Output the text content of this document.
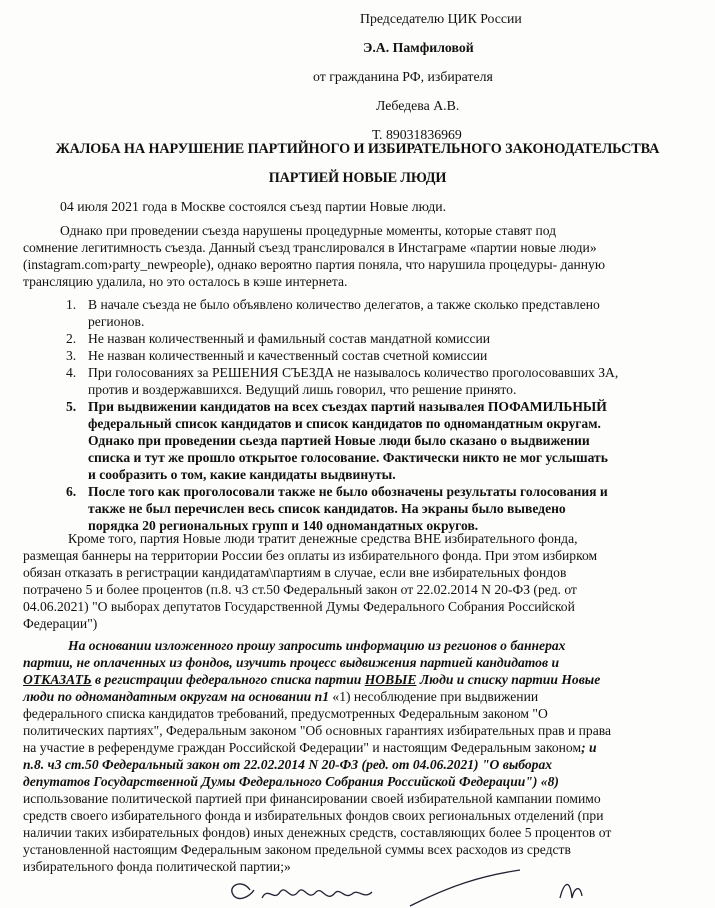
Председателю ЦИК России
Э.А. Памфиловой
от гражданина РФ, избирателя
Лебедева А.В.
Т. 89031836969
ЖАЛОБА НА НАРУШЕНИЕ ПАРТИЙНОГО И ИЗБИРАТЕЛЬНОГО ЗАКОНОДАТЕЛЬСТВА
ПАРТИЕЙ НОВЫЕ ЛЮДИ
04 июля 2021 года в Москве состоялся съезд партии Новые люди.
Однако при проведении съезда нарушены процедурные моменты, которые ставят под
сомнение легитимность съезда. Данный съезд транслировался в Инстаграме «партии новые люди»
(instagram.com›party_newpeople), однако вероятно партия поняла, что нарушила процедуры- данную
трансляцию удалила, но это осталось в кэше интернета.
1. В начале съезда не было объявлено количество делегатов, а также сколько представлено
регионов.
2. Не назван количественный и фамильный состав мандатной комиссии
3. Не назван количественный и качественный состав счетной комиссии
4. При голосованиях за РЕШЕНИЯ СЪЕЗДА не называлось количество проголосовавших ЗА,
против и воздержавшихся. Ведущий лишь говорил, что решение принято.
5. При выдвижении кандидатов на всех съездах партий называлея ПОФАМИЛЬНЫЙ
федеральный список кандидатов и список кандидатов по одномандатным округам.
Однако при проведении сьезда партией Новые люди было сказано о выдвижении
списка и тут же прошло открытое голосование. Фактически никто не мог услышать
и сообразить о том, какие кандидаты выдвинуты.
6. После того как проголосовали также не было обозначены результаты голосования и
также не был перечислен весь список кандидатов. На экраны было выведено
порядка 20 региональных групп и 140 одномандатных округов.
Кроме того, партия Новые люди тратит денежные средства ВНЕ избирательного фонда,
размещая баннеры на территории России без оплаты из избирательного фонда. При этом избирком
обязан отказать в регистрации кандидатам\партиям в случае, если вне избирательных фондов
потрачено 5 и более процентов (п.8. ч3 ст.50 Федеральный закон от 22.02.2014 N 20-ФЗ (ред. от
04.06.2021) "О выборах депутатов Государственной Думы Федерального Собрания Российской
Федерации")
На основании изложенного прошу запросить информацию из регионов о баннерах
партии, не оплаченных из фондов, изучить процесс выдвижения партией кандидатов и
ОТКАЗАТЬ в регистрации федерального списка партии НОВЫЕ Люди и списку партии Новые
люди по одномандатным округам на основании п1 «1) несоблюдение при выдвижении
федерального списка кандидатов требований, предусмотренных Федеральным законом "О
политических партиях", Федеральным законом "Об основных гарантиях избирательных прав и права
на участие в референдуме граждан Российской Федерации" и настоящим Федеральным законом; и
п.8. ч3 ст.50 Федеральный закон от 22.02.2014 N 20-ФЗ (ред. от 04.06.2021) "О выборах
депутатов Государственной Думы Федерального Собрания Российской Федерации") «8)
использование политической партией при финансировании своей избирательной кампании помимо
средств своего избирательного фонда и избирательных фондов своих региональных отделений (при
наличии таких избирательных фондов) иных денежных средств, составляющих более 5 процентов от
установленной настоящим Федеральным законом предельной суммы всех расходов из средств
избирательного фонда политической партии;»
